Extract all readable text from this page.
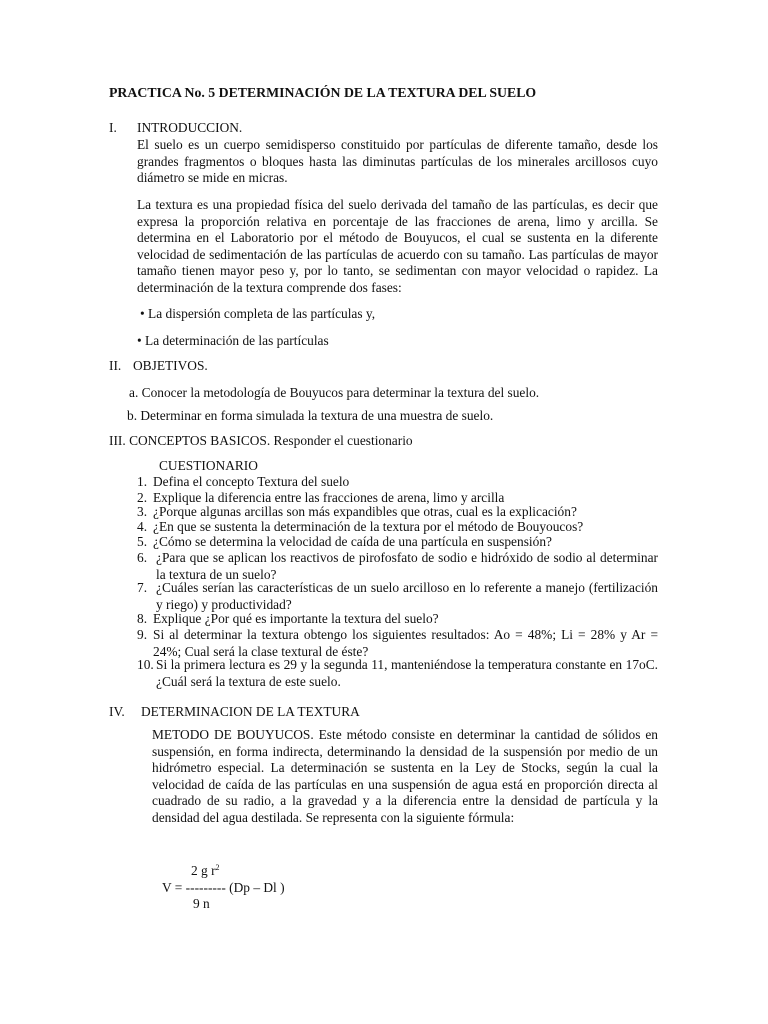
PRACTICA No. 5 DETERMINACIÓN DE LA TEXTURA DEL SUELO
I. INTRODUCCION.
El suelo es un cuerpo semidisperso constituido por partículas de diferente tamaño, desde los grandes fragmentos o bloques hasta las diminutas partículas de los minerales arcillosos cuyo diámetro se mide en micras.
La textura es una propiedad física del suelo derivada del tamaño de las partículas, es decir que expresa la proporción relativa en porcentaje de las fracciones de arena, limo y arcilla. Se determina en el Laboratorio por el método de Bouyucos, el cual se sustenta en la diferente velocidad de sedimentación de las partículas de acuerdo con su tamaño. Las partículas de mayor tamaño tienen mayor peso y, por lo tanto, se sedimentan con mayor velocidad o rapidez. La determinación de la textura comprende dos fases:
• La dispersión completa de las partículas y,
• La determinación de las partículas
II. OBJETIVOS.
a. Conocer la metodología de Bouyucos para determinar la textura del suelo.
b. Determinar en forma simulada la textura de una muestra de suelo.
III. CONCEPTOS BASICOS. Responder el cuestionario
CUESTIONARIO
1. Defina el concepto Textura del suelo
2. Explique la diferencia entre las fracciones de arena, limo y arcilla
3. ¿Porque algunas arcillas son más expandibles que otras, cual es la explicación?
4. ¿En que se sustenta la determinación de la textura por el método de Bouyoucos?
5. ¿Cómo se determina la velocidad de caída de una partícula en suspensión?
6. ¿Para que se aplican los reactivos de pirofosfato de sodio e hidróxido de sodio al determinar la textura de un suelo?
7. ¿Cuáles serían las características de un suelo arcilloso en lo referente a manejo (fertilización y riego) y productividad?
8. Explique ¿Por qué es importante la textura del suelo?
9. Si al determinar la textura obtengo los siguientes resultados: Ao = 48%; Li = 28% y Ar = 24%; Cual será la clase textural de éste?
10. Si la primera lectura es 29 y la segunda 11, manteniéndose la temperatura constante en 17oC. ¿Cuál será la textura de este suelo.
IV. DETERMINACION DE LA TEXTURA
METODO DE BOUYUCOS. Este método consiste en determinar la cantidad de sólidos en suspensión, en forma indirecta, determinando la densidad de la suspensión por medio de un hidrómetro especial. La determinación se sustenta en la Ley de Stocks, según la cual la velocidad de caída de las partículas en una suspensión de agua está en proporción directa al cuadrado de su radio, a la gravedad y a la diferencia entre la densidad de partícula y la densidad del agua destilada. Se representa con la siguiente fórmula:
2 g $r^2$
V = --------- (Dp – Dl )
9 n
